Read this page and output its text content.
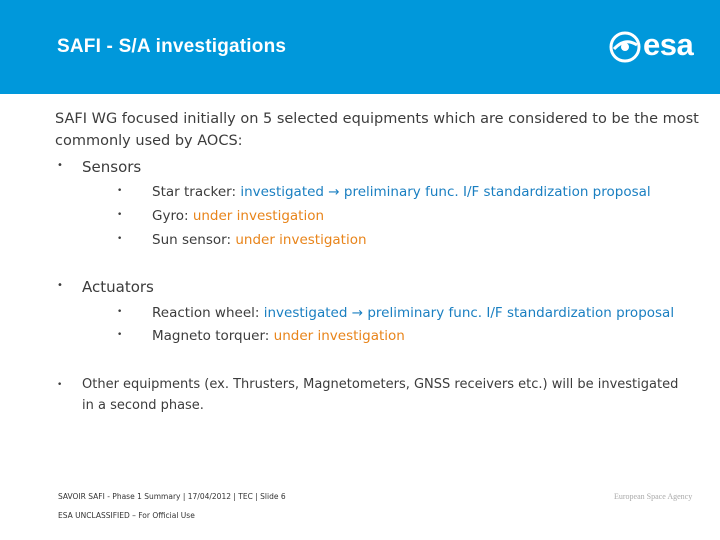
SAFI - S/A investigations	esa
SAFI WG focused initially on 5 selected equipments which are considered to be the most commonly used by AOCS:
• Sensors
• Star tracker: investigated → preliminary func. I/F standardization proposal
• Gyro: under investigation
• Sun sensor: under investigation
• Actuators
• Reaction wheel: investigated → preliminary func. I/F standardization proposal
• Magneto torquer: under investigation
• Other equipments (ex. Thrusters, Magnetometers, GNSS receivers etc.) will be investigated in a second phase.
SAVOIR SAFI - Phase 1 Summary | 17/04/2012 | TEC | Slide 6
ESA UNCLASSIFIED – For Official Use
European Space Agency
